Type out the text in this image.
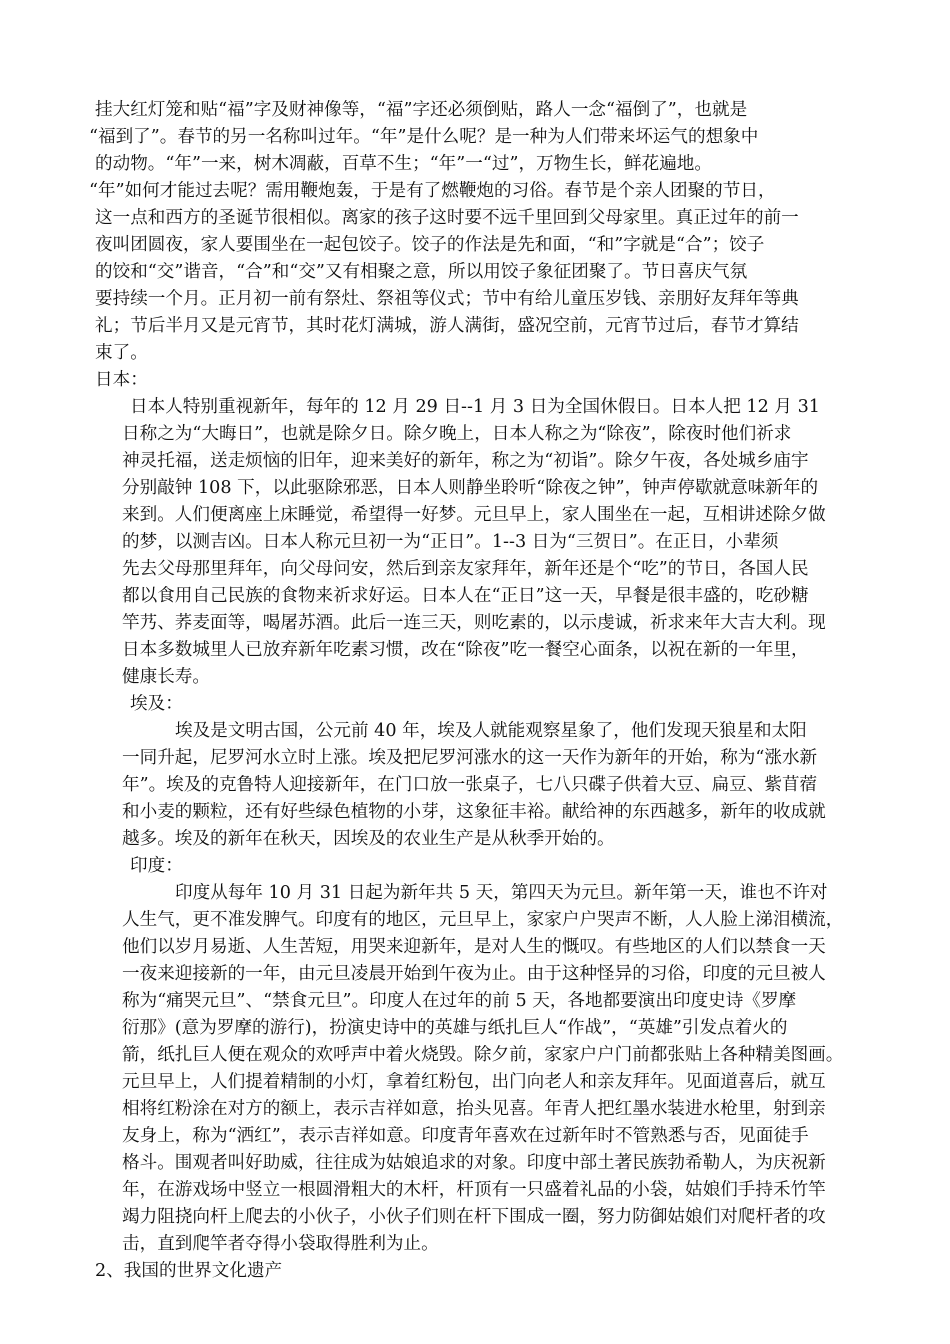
挂大红灯笼和贴“福”字及财神像等，“福”字还必须倒贴，路人一念“福倒了”，也就是
“福到了”。春节的另一名称叫过年。“年”是什么呢？是一种为人们带来坏运气的想象中
的动物。“年”一来，树木凋蔽，百草不生；“年”一“过”，万物生长，鲜花遍地。
“年”如何才能过去呢？需用鞭炮轰，于是有了燃鞭炮的习俗。春节是个亲人团聚的节日，
这一点和西方的圣诞节很相似。离家的孩子这时要不远千里回到父母家里。真正过年的前一
夜叫团圆夜，家人要围坐在一起包饺子。饺子的作法是先和面，“和”字就是“合”；饺子
的饺和“交”谐音，“合”和“交”又有相聚之意，所以用饺子象征团聚了。节日喜庆气氛
要持续一个月。正月初一前有祭灶、祭祖等仪式；节中有给儿童压岁钱、亲朋好友拜年等典
礼；节后半月又是元宵节，其时花灯满城，游人满街，盛况空前，元宵节过后，春节才算结
束了。
日本：
日本人特别重视新年，每年的 12 月 29 日--1 月 3 日为全国休假日。日本人把 12 月 31
日称之为“大晦日”，也就是除夕日。除夕晚上，日本人称之为“除夜”，除夜时他们祈求
神灵托福，送走烦恼的旧年，迎来美好的新年，称之为“初诣”。除夕午夜，各处城乡庙宇
分别敲钟 108 下，以此驱除邪恶，日本人则静坐聆听“除夜之钟”，钟声停歇就意味新年的
来到。人们便离座上床睡觉，希望得一好梦。元旦早上，家人围坐在一起，互相讲述除夕做
的梦，以测吉凶。日本人称元旦初一为“正日”。1--3 日为“三贺日”。在正日，小辈须
先去父母那里拜年，向父母问安，然后到亲友家拜年，新年还是个“吃”的节日，各国人民
都以食用自己民族的食物来祈求好运。日本人在“正日”这一天，早餐是很丰盛的，吃砂糖
竿艿、荞麦面等，喝屠苏酒。此后一连三天，则吃素的，以示虔诚，祈求来年大吉大利。现
日本多数城里人已放弃新年吃素习惯，改在“除夜”吃一餐空心面条，以祝在新的一年里，
健康长寿。
埃及：
埃及是文明古国，公元前 40 年，埃及人就能观察星象了，他们发现天狼星和太阳
一同升起，尼罗河水立时上涨。埃及把尼罗河涨水的这一天作为新年的开始，称为“涨水新
年”。埃及的克鲁特人迎接新年，在门口放一张桌子，七八只碟子供着大豆、扁豆、紫苜蓿
和小麦的颗粒，还有好些绿色植物的小芽，这象征丰裕。献给神的东西越多，新年的收成就
越多。埃及的新年在秋天，因埃及的农业生产是从秋季开始的。
印度：
印度从每年 10 月 31 日起为新年共 5 天，第四天为元旦。新年第一天，谁也不许对
人生气，更不准发脾气。印度有的地区，元旦早上，家家户户哭声不断，人人脸上涕泪横流，
他们以岁月易逝、人生苦短，用哭来迎新年，是对人生的慨叹。有些地区的人们以禁食一天
一夜来迎接新的一年，由元旦凌晨开始到午夜为止。由于这种怪异的习俗，印度的元旦被人
称为“痛哭元旦”、“禁食元旦”。印度人在过年的前 5 天，各地都要演出印度史诗《罗摩
衍那》(意为罗摩的游行)，扮演史诗中的英雄与纸扎巨人“作战”，“英雄”引发点着火的
箭，纸扎巨人便在观众的欢呼声中着火烧毁。除夕前，家家户户门前都张贴上各种精美图画。
元旦早上，人们提着精制的小灯，拿着红粉包，出门向老人和亲友拜年。见面道喜后，就互
相将红粉涂在对方的额上，表示吉祥如意，抬头见喜。年青人把红墨水装进水枪里，射到亲
友身上，称为“洒红”，表示吉祥如意。印度青年喜欢在过新年时不管熟悉与否，见面徒手
格斗。围观者叫好助威，往往成为姑娘追求的对象。印度中部土著民族勃希勒人，为庆祝新
年，在游戏场中竖立一根圆滑粗大的木杆，杆顶有一只盛着礼品的小袋，姑娘们手持禾竹竿
竭力阻挠向杆上爬去的小伙子，小伙子们则在杆下围成一圈，努力防御姑娘们对爬杆者的攻
击，直到爬竿者夺得小袋取得胜利为止。
2、我国的世界文化遗产
